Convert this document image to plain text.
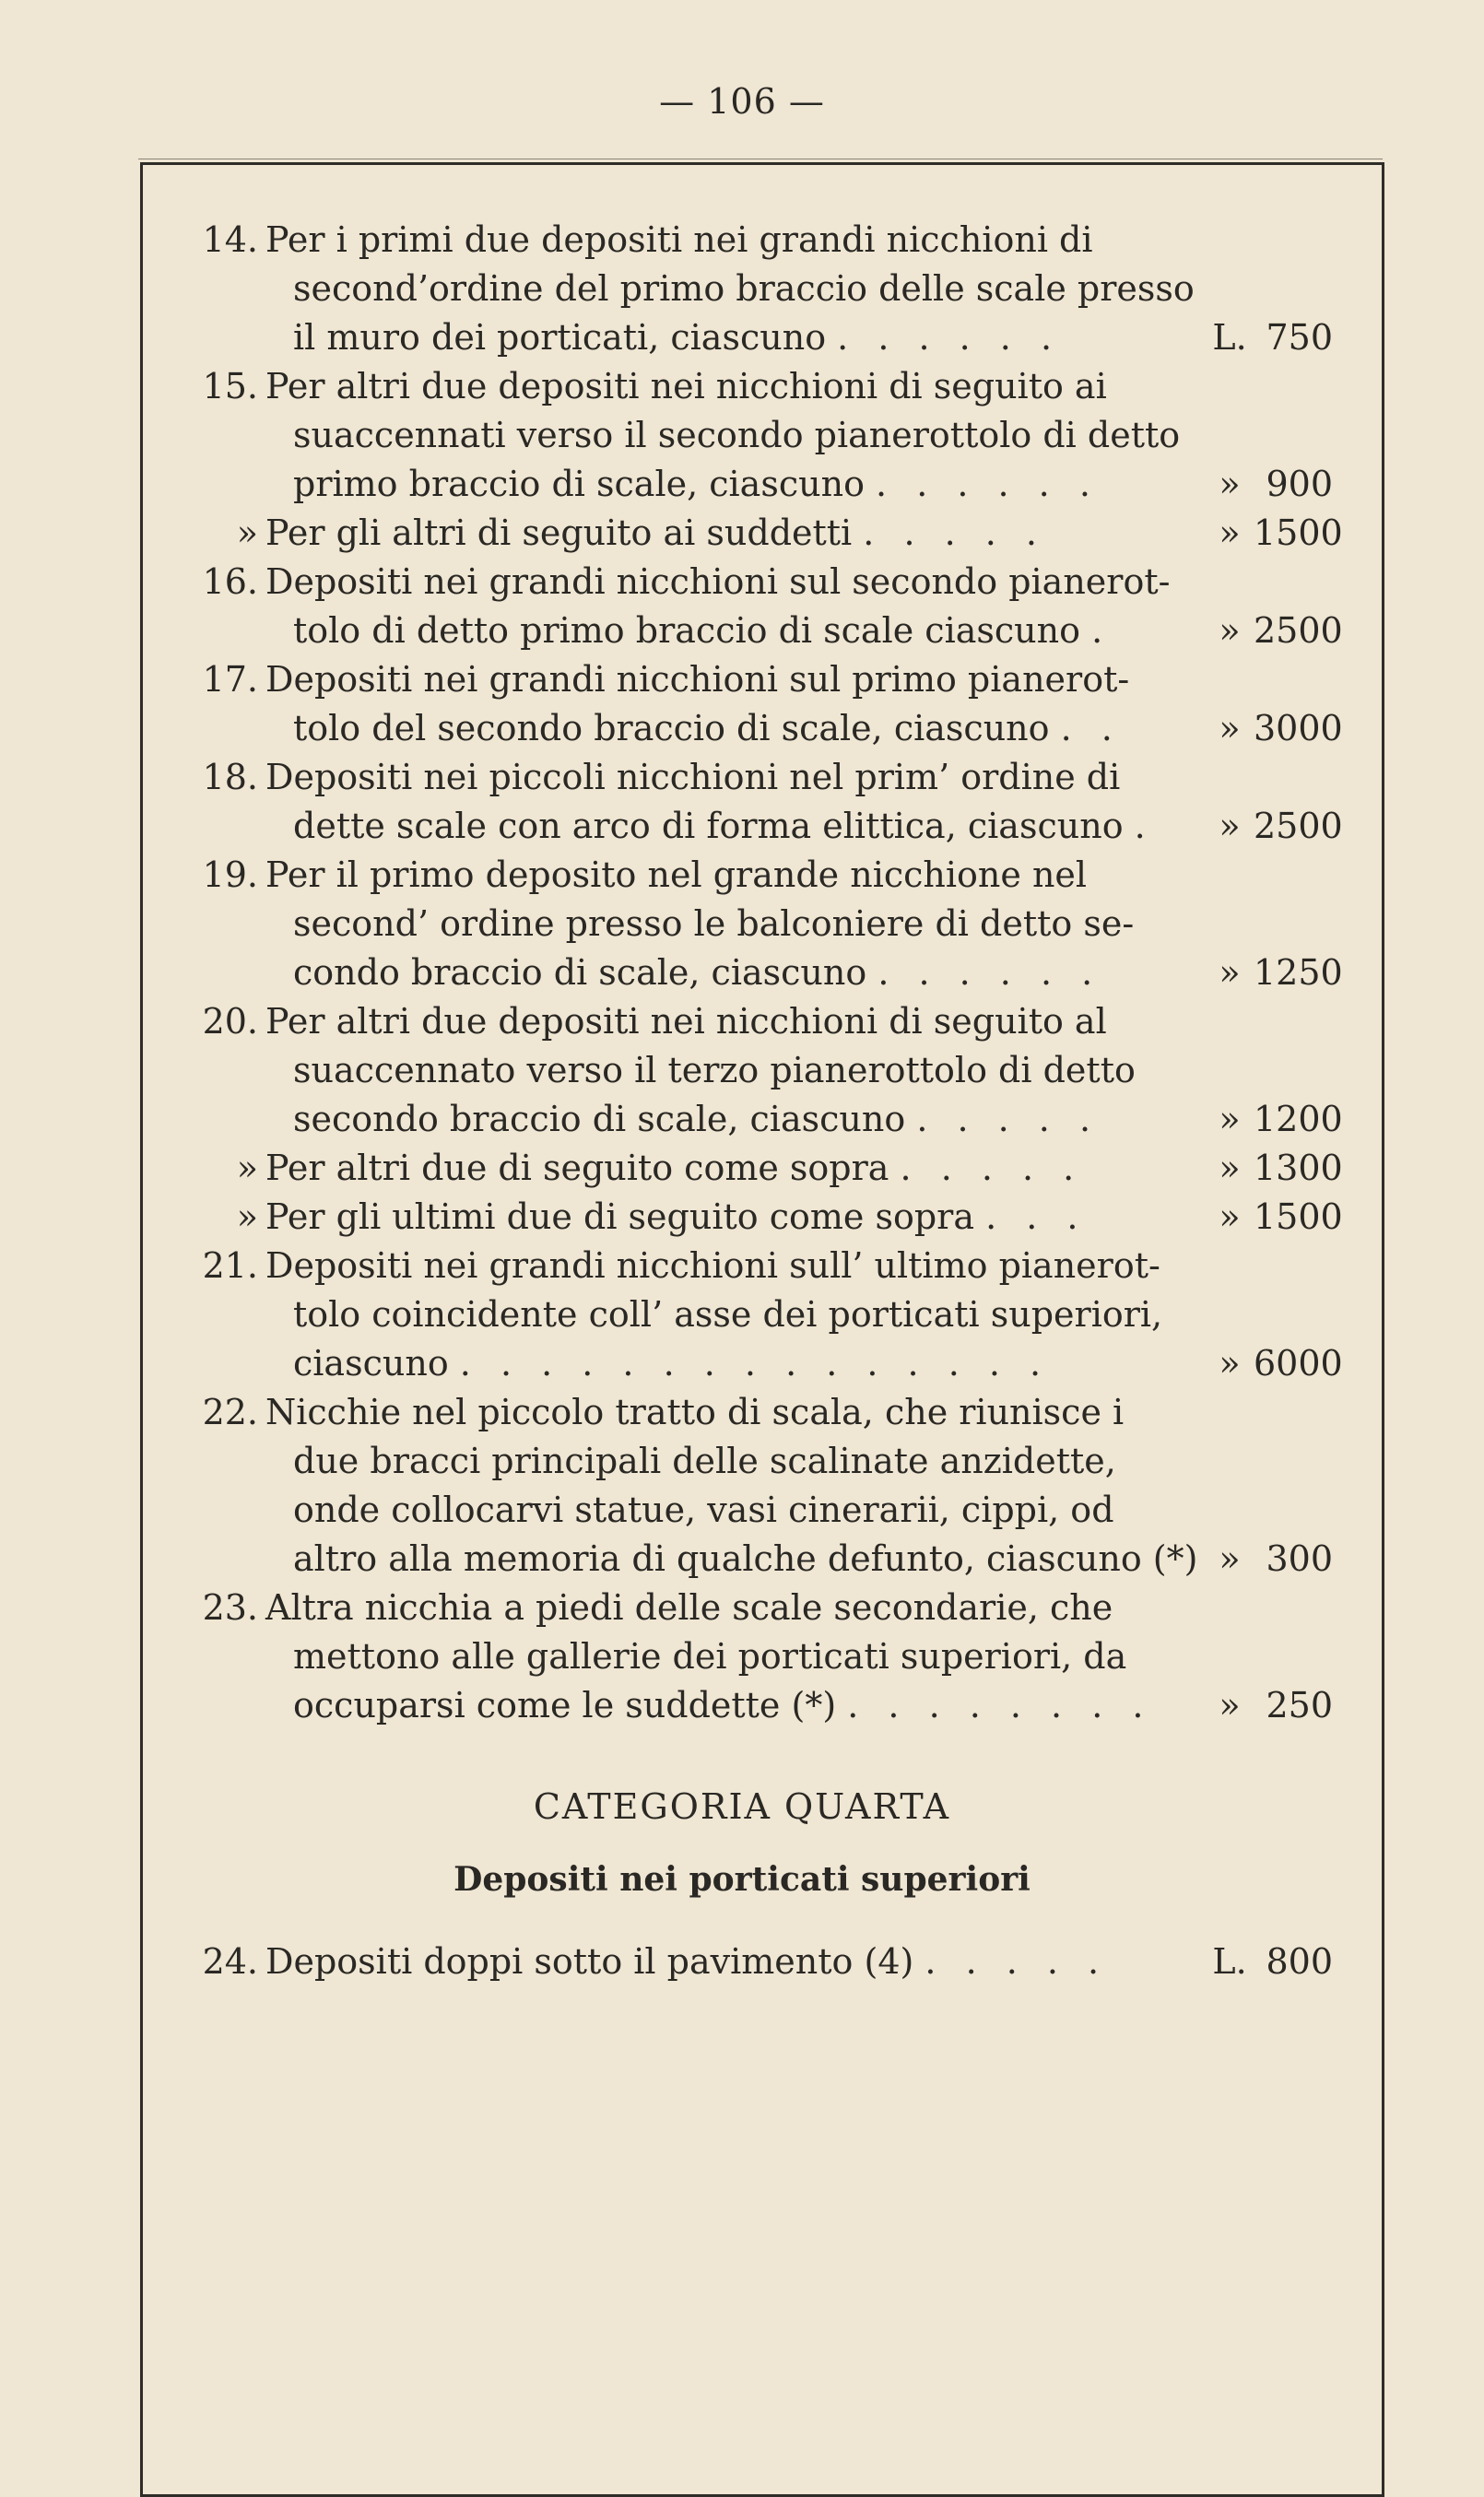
— 106 —
14. Per i primi due depositi nei grandi nicchioni di
second’ordine del primo braccio delle scale presso
il muro dei porticati, ciascuno . . . . . .	L. 750
15. Per altri due depositi nei nicchioni di seguito ai
suaccennati verso il secondo pianerottolo di detto
primo braccio di scale, ciascuno . . . . . .	» 900
» Per gli altri di seguito ai suddetti . . . . .	» 1500
16. Depositi nei grandi nicchioni sul secondo pianerot-
tolo di detto primo braccio di scale ciascuno .	» 2500
17. Depositi nei grandi nicchioni sul primo pianerot-
tolo del secondo braccio di scale, ciascuno . .	» 3000
18. Depositi nei piccoli nicchioni nel prim’ ordine di
dette scale con arco di forma elittica, ciascuno .	» 2500
19. Per il primo deposito nel grande nicchione nel
second’ ordine presso le balconiere di detto se-
condo braccio di scale, ciascuno . . . . . .	» 1250
20. Per altri due depositi nei nicchioni di seguito al
suaccennato verso il terzo pianerottolo di detto
secondo braccio di scale, ciascuno . . . . .	» 1200
» Per altri due di seguito come sopra . . . . .	» 1300
» Per gli ultimi due di seguito come sopra . . .	» 1500
21. Depositi nei grandi nicchioni sull’ ultimo pianerot-
tolo coincidente coll’ asse dei porticati superiori,
ciascuno . . . . . . . . . . . . . . .	» 6000
22. Nicchie nel piccolo tratto di scala, che riunisce i
due bracci principali delle scalinate anzidette,
onde collocarvi statue, vasi cinerarii, cippi, od
altro alla memoria di qualche defunto, ciascuno (*) » 300
23. Altra nicchia a piedi delle scale secondarie, che
mettono alle gallerie dei porticati superiori, da
occuparsi come le suddette (*) . . . . . . . .	» 250
CATEGORIA QUARTA
Depositi nei porticati superiori
24. Depositi doppi sotto il pavimento (4) . . . . .	L. 800
